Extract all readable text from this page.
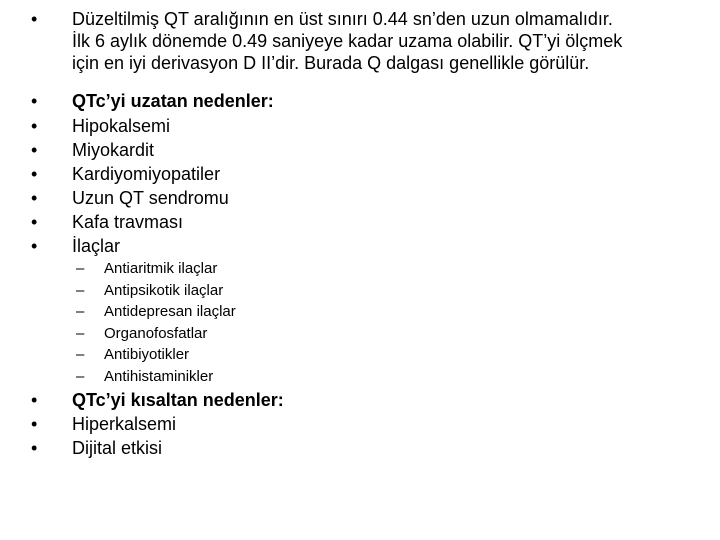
• Düzeltilmiş QT aralığının en üst sınırı 0.44 sn’den uzun olmamalıdır.
İlk 6 aylık dönemde 0.49 saniyeye kadar uzama olabilir. QT’yi ölçmek
için en iyi derivasyon D II’dir. Burada Q dalgası genellikle görülür.
• QTc’yi uzatan nedenler:
• Hipokalsemi
• Miyokardit
• Kardiyomiyopatiler
• Uzun QT sendromu
• Kafa travması
• İlaçlar
– Antiaritmik ilaçlar
– Antipsikotik ilaçlar
– Antidepresan ilaçlar
– Organofosfatlar
– Antibiyotikler
– Antihistaminikler
• QTc’yi kısaltan nedenler:
• Hiperkalsemi
• Dijital etkisi
